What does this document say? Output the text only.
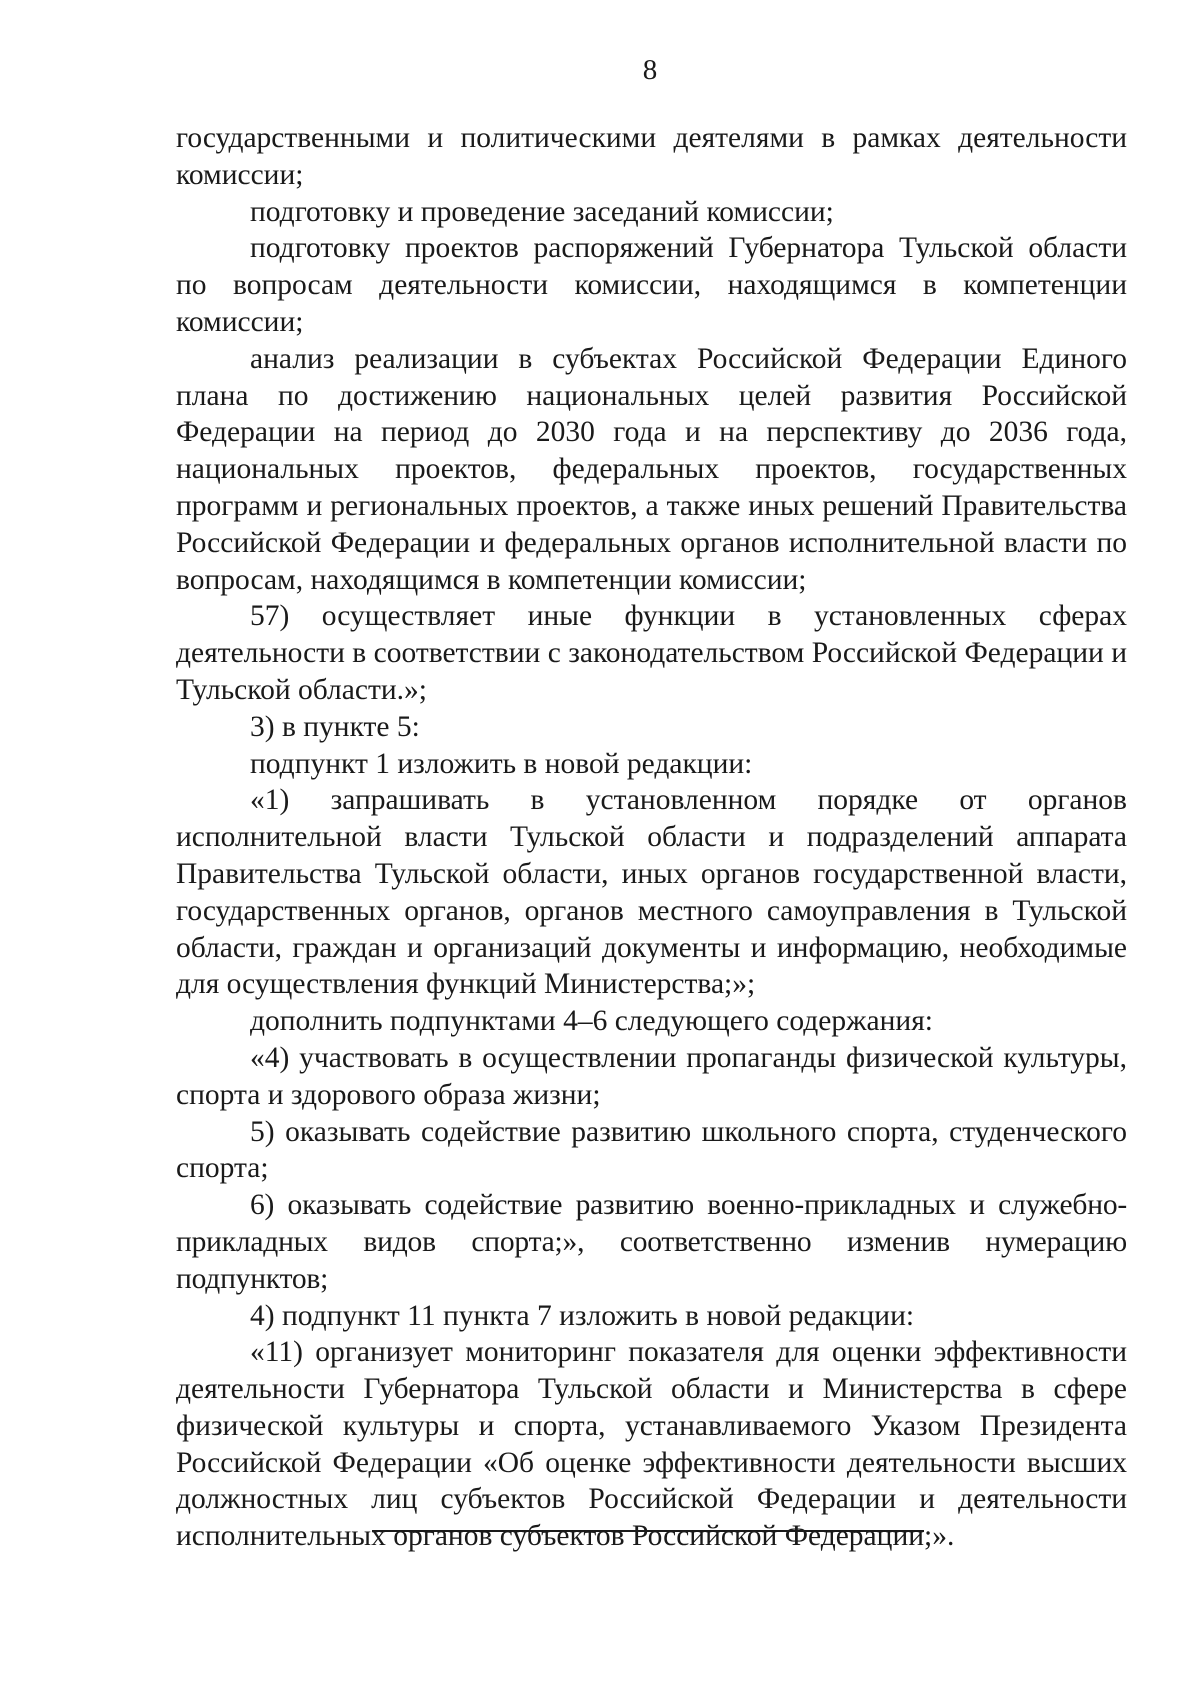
8

государственными и политическими деятелями в рамках деятельности комиссии;

подготовку и проведение заседаний комиссии;

подготовку проектов распоряжений Губернатора Тульской области по вопросам деятельности комиссии, находящимся в компетенции комиссии;

анализ реализации в субъектах Российской Федерации Единого плана по достижению национальных целей развития Российской Федерации на период до 2030 года и на перспективу до 2036 года, национальных проектов, федеральных проектов, государственных программ и региональных проектов, а также иных решений Правительства Российской Федерации и федеральных органов исполнительной власти по вопросам, находящимся в компетенции комиссии;

57) осуществляет иные функции в установленных сферах деятельности в соответствии с законодательством Российской Федерации и Тульской области.»;

3) в пункте 5:

подпункт 1 изложить в новой редакции:

«1) запрашивать в установленном порядке от органов исполнительной власти Тульской области и подразделений аппарата Правительства Тульской области, иных органов государственной власти, государственных органов, органов местного самоуправления в Тульской области, граждан и организаций документы и информацию, необходимые для осуществления функций Министерства;»;

дополнить подпунктами 4–6 следующего содержания:

«4) участвовать в осуществлении пропаганды физической культуры, спорта и здорового образа жизни;

5) оказывать содействие развитию школьного спорта, студенческого спорта;

6) оказывать содействие развитию военно-прикладных и служебно-прикладных видов спорта;», соответственно изменив нумерацию подпунктов;

4) подпункт 11 пункта 7 изложить в новой редакции:

«11) организует мониторинг показателя для оценки эффективности деятельности Губернатора Тульской области и Министерства в сфере физической культуры и спорта, устанавливаемого Указом Президента Российской Федерации «Об оценке эффективности деятельности высших должностных лиц субъектов Российской Федерации и деятельности исполнительных органов субъектов Российской Федерации;».
